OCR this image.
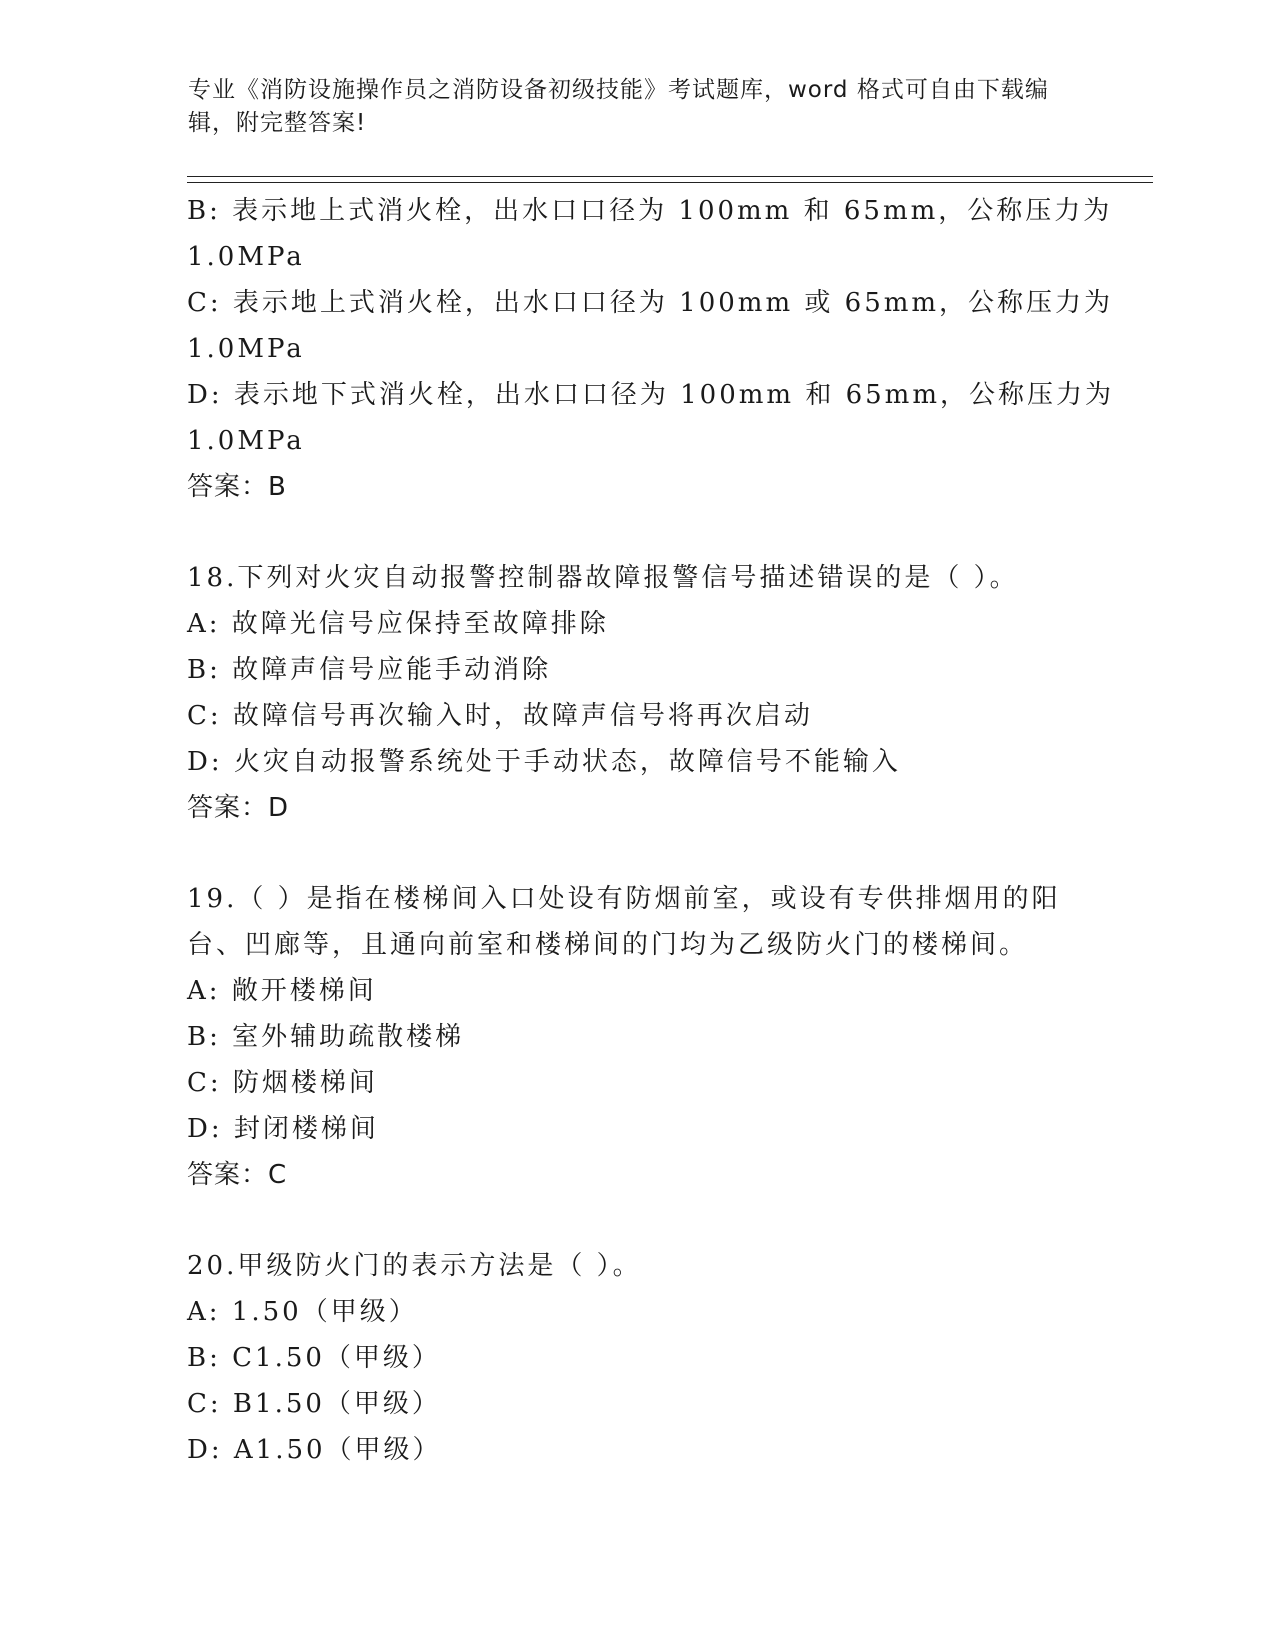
专业《消防设施操作员之消防设备初级技能》考试题库，word 格式可自由下载编

辑，附完整答案!

B: 表示地上式消火栓，出水口口径为 100mm 和 65mm，公称压力为
1.0MPa
C: 表示地上式消火栓，出水口口径为 100mm 或 65mm，公称压力为
1.0MPa
D: 表示地下式消火栓，出水口口径为 100mm 和 65mm，公称压力为
1.0MPa
答案：B
18.下列对火灾自动报警控制器故障报警信号描述错误的是（ ）。
A: 故障光信号应保持至故障排除
B: 故障声信号应能手动消除
C: 故障信号再次输入时，故障声信号将再次启动
D: 火灾自动报警系统处于手动状态，故障信号不能输入
答案：D
19.（ ）是指在楼梯间入口处设有防烟前室，或设有专供排烟用的阳
台、凹廊等，且通向前室和楼梯间的门均为乙级防火门的楼梯间。
A: 敞开楼梯间
B: 室外辅助疏散楼梯
C: 防烟楼梯间
D: 封闭楼梯间
答案：C
20.甲级防火门的表示方法是（ ）。
A: 1.50（甲级）
B: C1.50（甲级）
C: B1.50（甲级）
D: A1.50（甲级）
